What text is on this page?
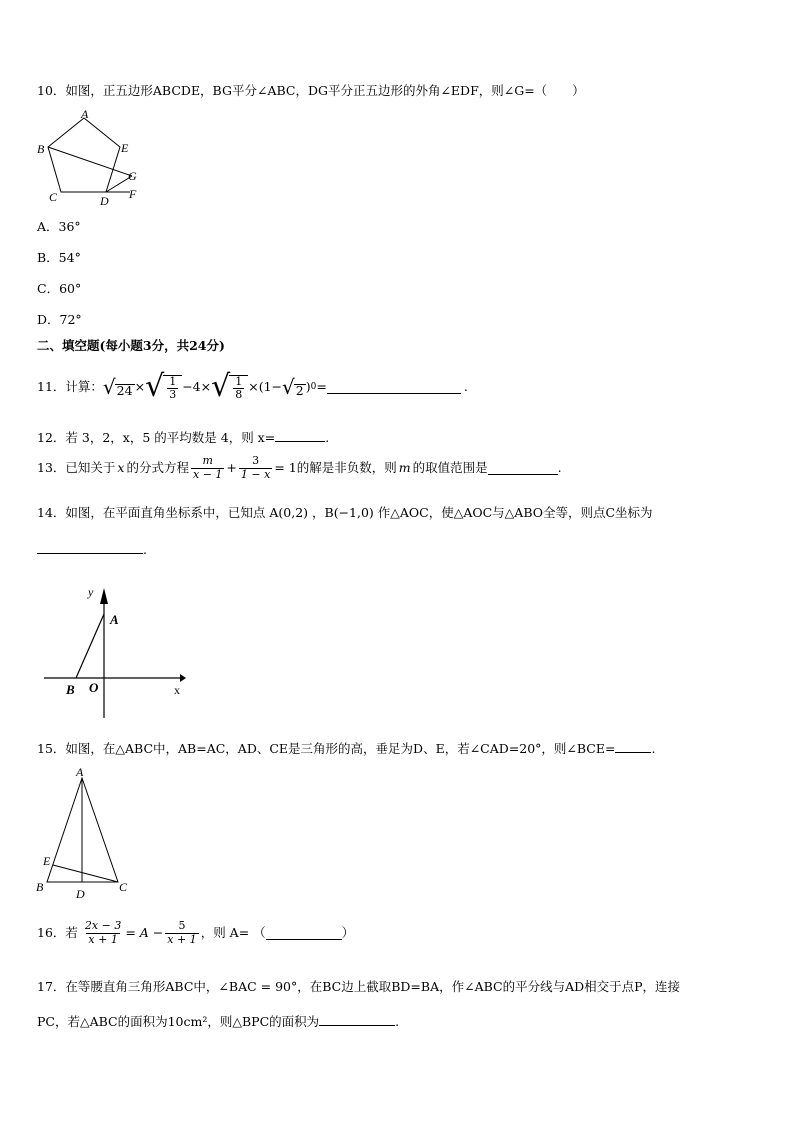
10．如图，正五边形ABCDE，BG平分∠ABC，DG平分正五边形的外角∠EDF，则∠G=（　　）
A
B	E
G
F
C	D
A．36°
B．54°
C．60°
D．72°
二、填空题(每小题3分，共24分)
11． 计算： √ 24 × √ $\frac{1}{3} -4\times$ √ $\frac{1}{8} \times(1-$ √ 2 ) 0 =	.
12．若 3，2，x，5 的平均数是 4，则 x=	.
13． 已知关于 x 的分式方程 $\frac{m}{x - 1} + \frac{3}{1 - x} = 1$ 的解是非负数，则 m 的取值范围是	.
14．如图，在平面直角坐标系中，已知点 A(0,2) ，B(−1,0) 作△AOC，使△AOC与△ABO全等，则点C坐标为
.
y
A
B O	x
15．如图，在△ABC中，AB=AC，AD、CE是三角形的高，垂足为D、E，若∠CAD=20°，则∠BCE=	.
A
E
B	D	C
16． 若 $\frac{2x - 3}{x + 1} = A - \frac{5}{x + 1}$ ，则 A= （	）
17．在等腰直角三角形ABC中，∠BAC = 90°，在BC边上截取BD=BA，作∠ABC的平分线与AD相交于点P，连接
PC，若△ABC的面积为10cm²，则△BPC的面积为	.
